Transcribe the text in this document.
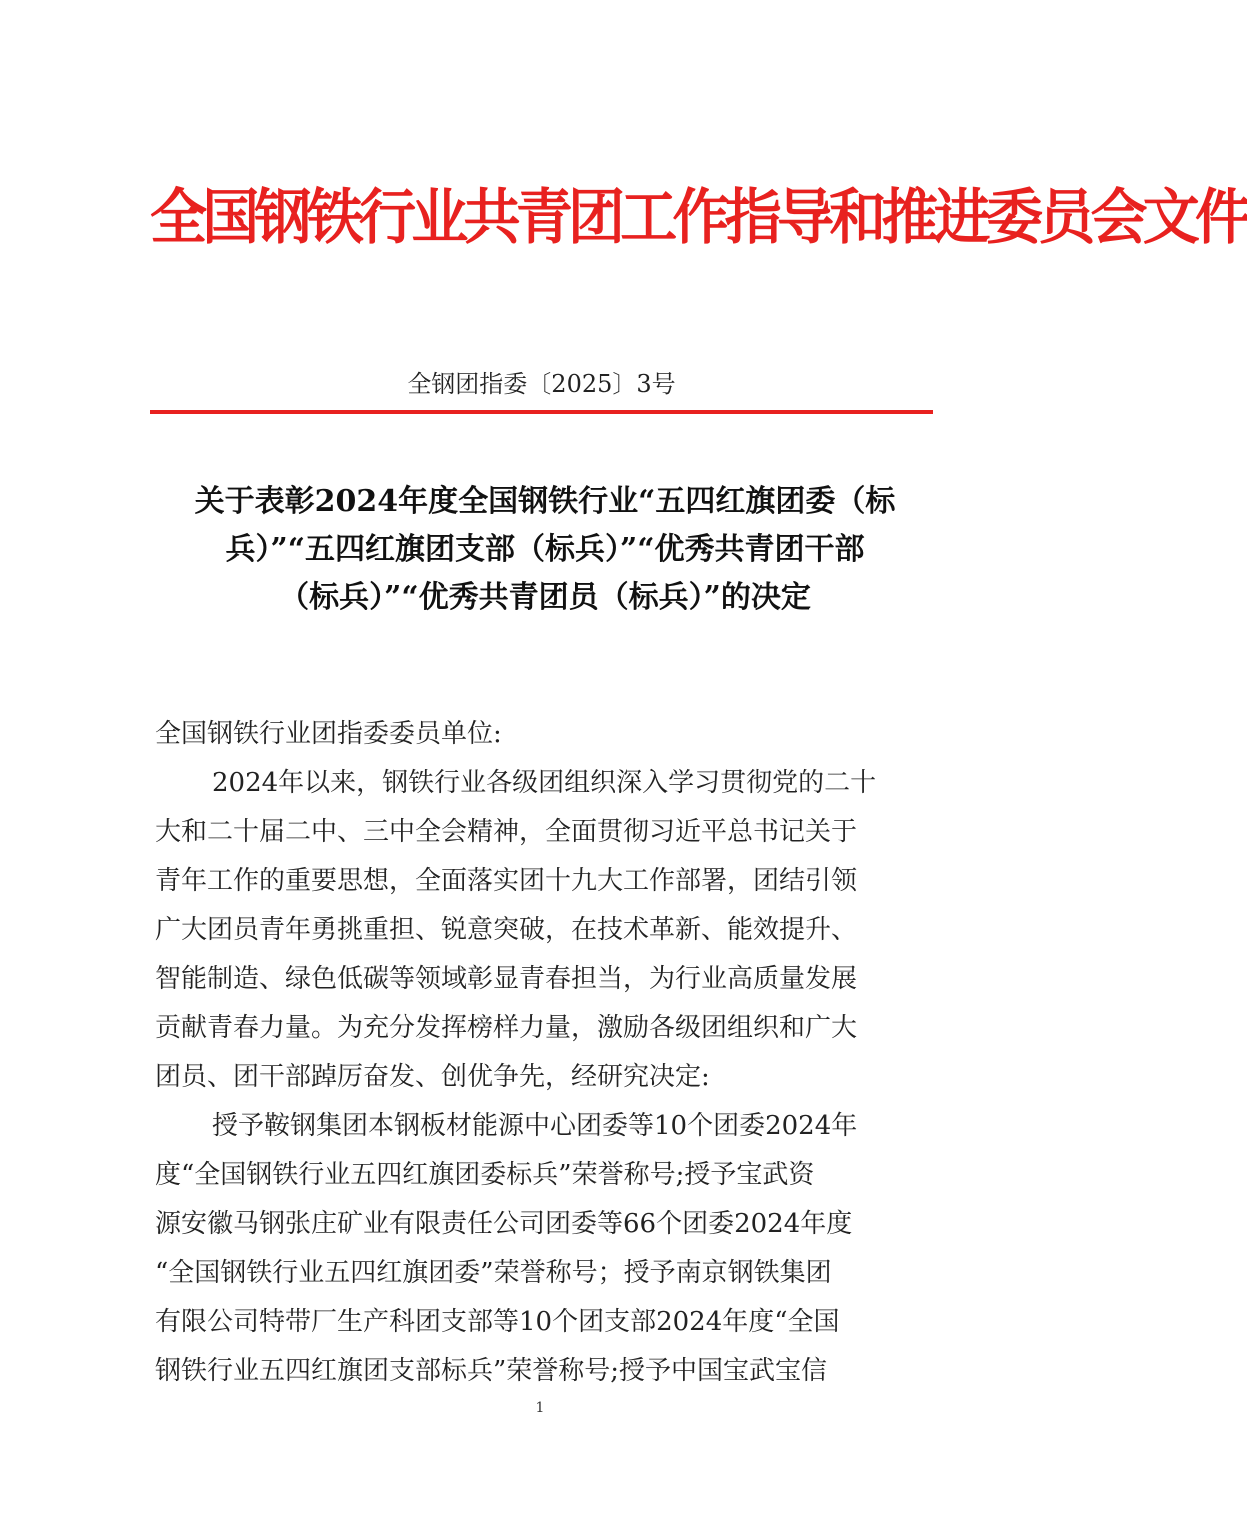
全国钢铁行业共青团工作指导和推进委员会文件
全钢团指委〔2025〕3号
关于表彰2024年度全国钢铁行业“五四红旗团委（标
兵）”“五四红旗团支部（标兵）”“优秀共青团干部
（标兵）”“优秀共青团员（标兵）”的决定
全国钢铁行业团指委委员单位:
2024年以来，钢铁行业各级团组织深入学习贯彻党的二十
大和二十届二中、三中全会精神，全面贯彻习近平总书记关于
青年工作的重要思想，全面落实团十九大工作部署，团结引领
广大团员青年勇挑重担、锐意突破，在技术革新、能效提升、
智能制造、绿色低碳等领域彰显青春担当，为行业高质量发展
贡献青春力量。为充分发挥榜样力量，激励各级团组织和广大
团员、团干部踔厉奋发、创优争先，经研究决定:
授予鞍钢集团本钢板材能源中心团委等10个团委2024年
度“全国钢铁行业五四红旗团委标兵”荣誉称号;授予宝武资
源安徽马钢张庄矿业有限责任公司团委等66个团委2024年度
“全国钢铁行业五四红旗团委”荣誉称号；授予南京钢铁集团
有限公司特带厂生产科团支部等10个团支部2024年度“全国
钢铁行业五四红旗团支部标兵”荣誉称号;授予中国宝武宝信
1
